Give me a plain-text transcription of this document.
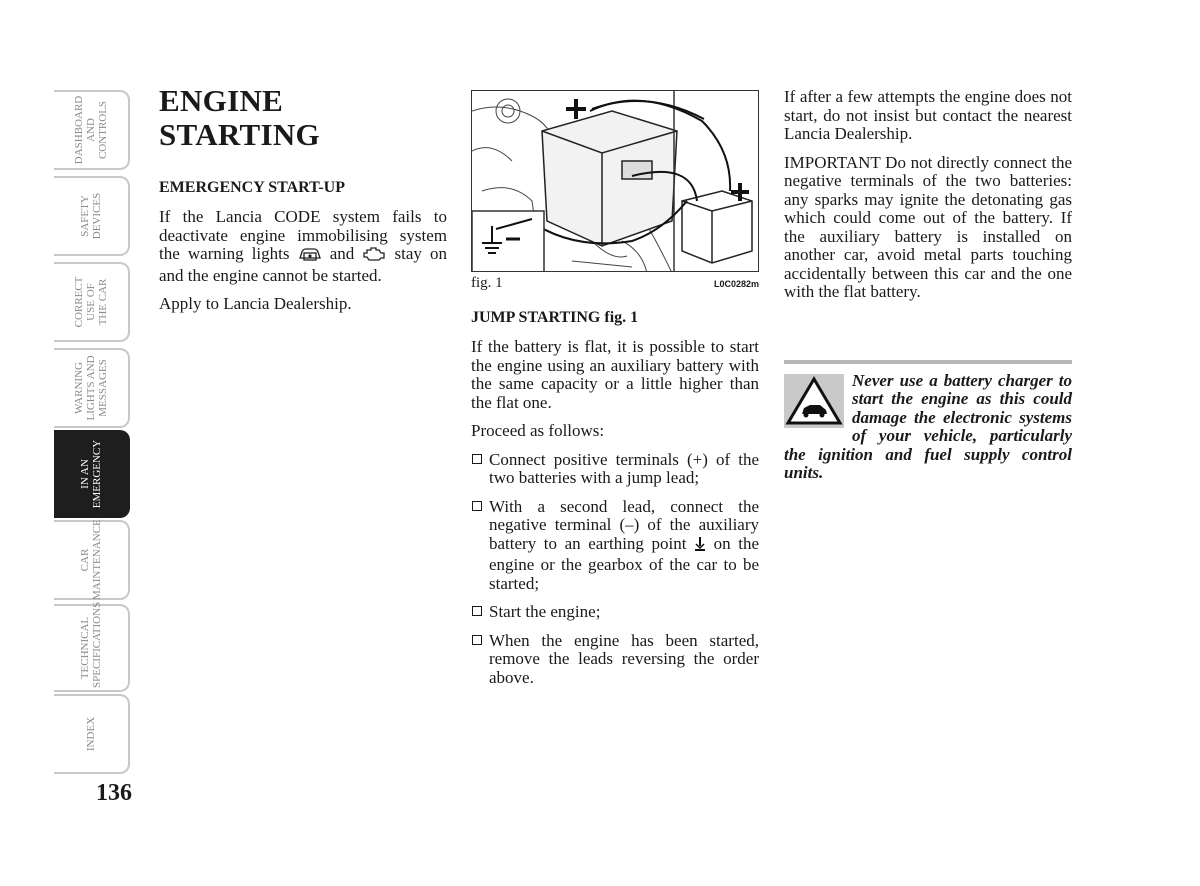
DASHBOARD
AND CONTROLS
SAFETY
DEVICES
CORRECT
USE OF
THE CAR
WARNING
LIGHTS AND
MESSAGES
IN AN
EMERGENCY
CAR
MAINTENANCE
TECHNICAL
SPECIFICATIONS
INDEX
136
ENGINE STARTING
EMERGENCY START-UP

If the Lancia CODE system fails to deactivate engine immobilising system the warning lights and stay on and the engine cannot be started.

Apply to Lancia Dealership.

fig. 1	L0C0282m
JUMP STARTING fig. 1

If the battery is flat, it is possible to start the engine using an auxiliary battery with the same capacity or a little higher than the flat one.

Proceed as follows:

Connect positive terminals (+) of the two batteries with a jump lead;
With a second lead, connect the negative terminal (–) of the auxiliary battery to an earthing point on the engine or the gearbox of the car to be started;
Start the engine;
When the engine has been started, remove the leads reversing the order above.

If after a few attempts the engine does not start, do not insist but contact the nearest Lancia Dealership.

IMPORTANT Do not directly connect the negative terminals of the two batteries: any sparks may ignite the detonating gas which could come out of the battery. If the auxiliary battery is installed on another car, avoid metal parts touching accidentally between this car and the one with the flat battery.

Never use a battery charger to start the engine as this could damage the electronic systems of your vehicle, particularly the ignition and fuel supply control units.
